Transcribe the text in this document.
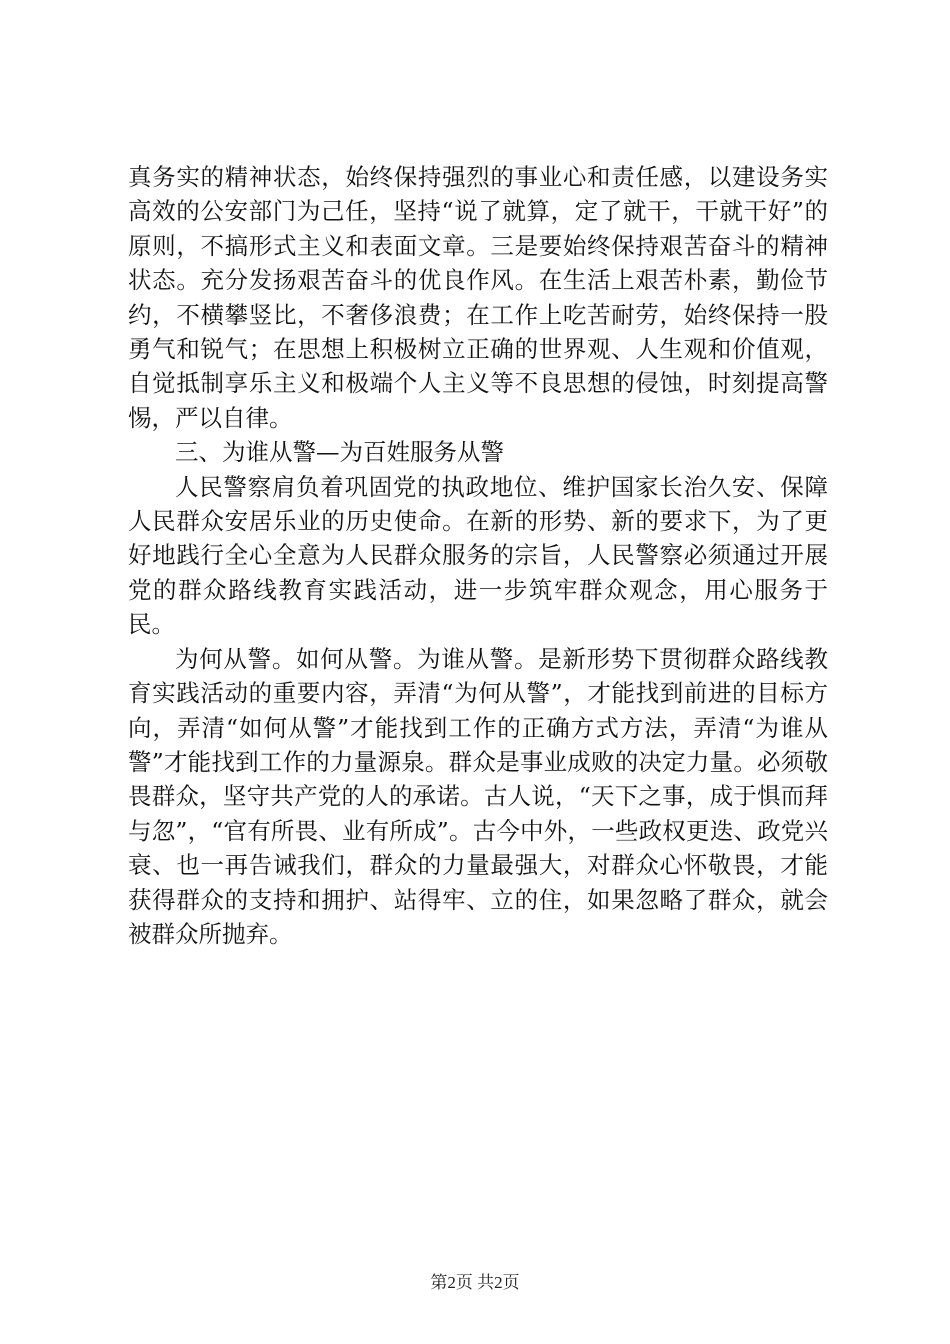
真务实的精神状态，始终保持强烈的事业心和责任感，以建设务实高效的公安部门为己任，坚持“说了就算，定了就干，干就干好”的原则，不搞形式主义和表面文章。三是要始终保持艰苦奋斗的精神状态。充分发扬艰苦奋斗的优良作风。在生活上艰苦朴素，勤俭节约，不横攀竖比，不奢侈浪费；在工作上吃苦耐劳，始终保持一股勇气和锐气；在思想上积极树立正确的世界观、人生观和价值观，自觉抵制享乐主义和极端个人主义等不良思想的侵蚀，时刻提高警惕，严以自律。

三、为谁从警—为百姓服务从警

人民警察肩负着巩固党的执政地位、维护国家长治久安、保障人民群众安居乐业的历史使命。在新的形势、新的要求下，为了更好地践行全心全意为人民群众服务的宗旨，人民警察必须通过开展党的群众路线教育实践活动，进一步筑牢群众观念，用心服务于民。

为何从警。如何从警。为谁从警。是新形势下贯彻群众路线教育实践活动的重要内容，弄清“为何从警”，才能找到前进的目标方向，弄清“如何从警”才能找到工作的正确方式方法，弄清“为谁从警”才能找到工作的力量源泉。群众是事业成败的决定力量。必须敬畏群众，坚守共产党的人的承诺。古人说，“天下之事，成于惧而拜与忽”，“官有所畏、业有所成”。古今中外，一些政权更迭、政党兴衰、也一再告诫我们，群众的力量最强大，对群众心怀敬畏，才能获得群众的支持和拥护、站得牢、立的住，如果忽略了群众，就会被群众所抛弃。

第2页 共2页
